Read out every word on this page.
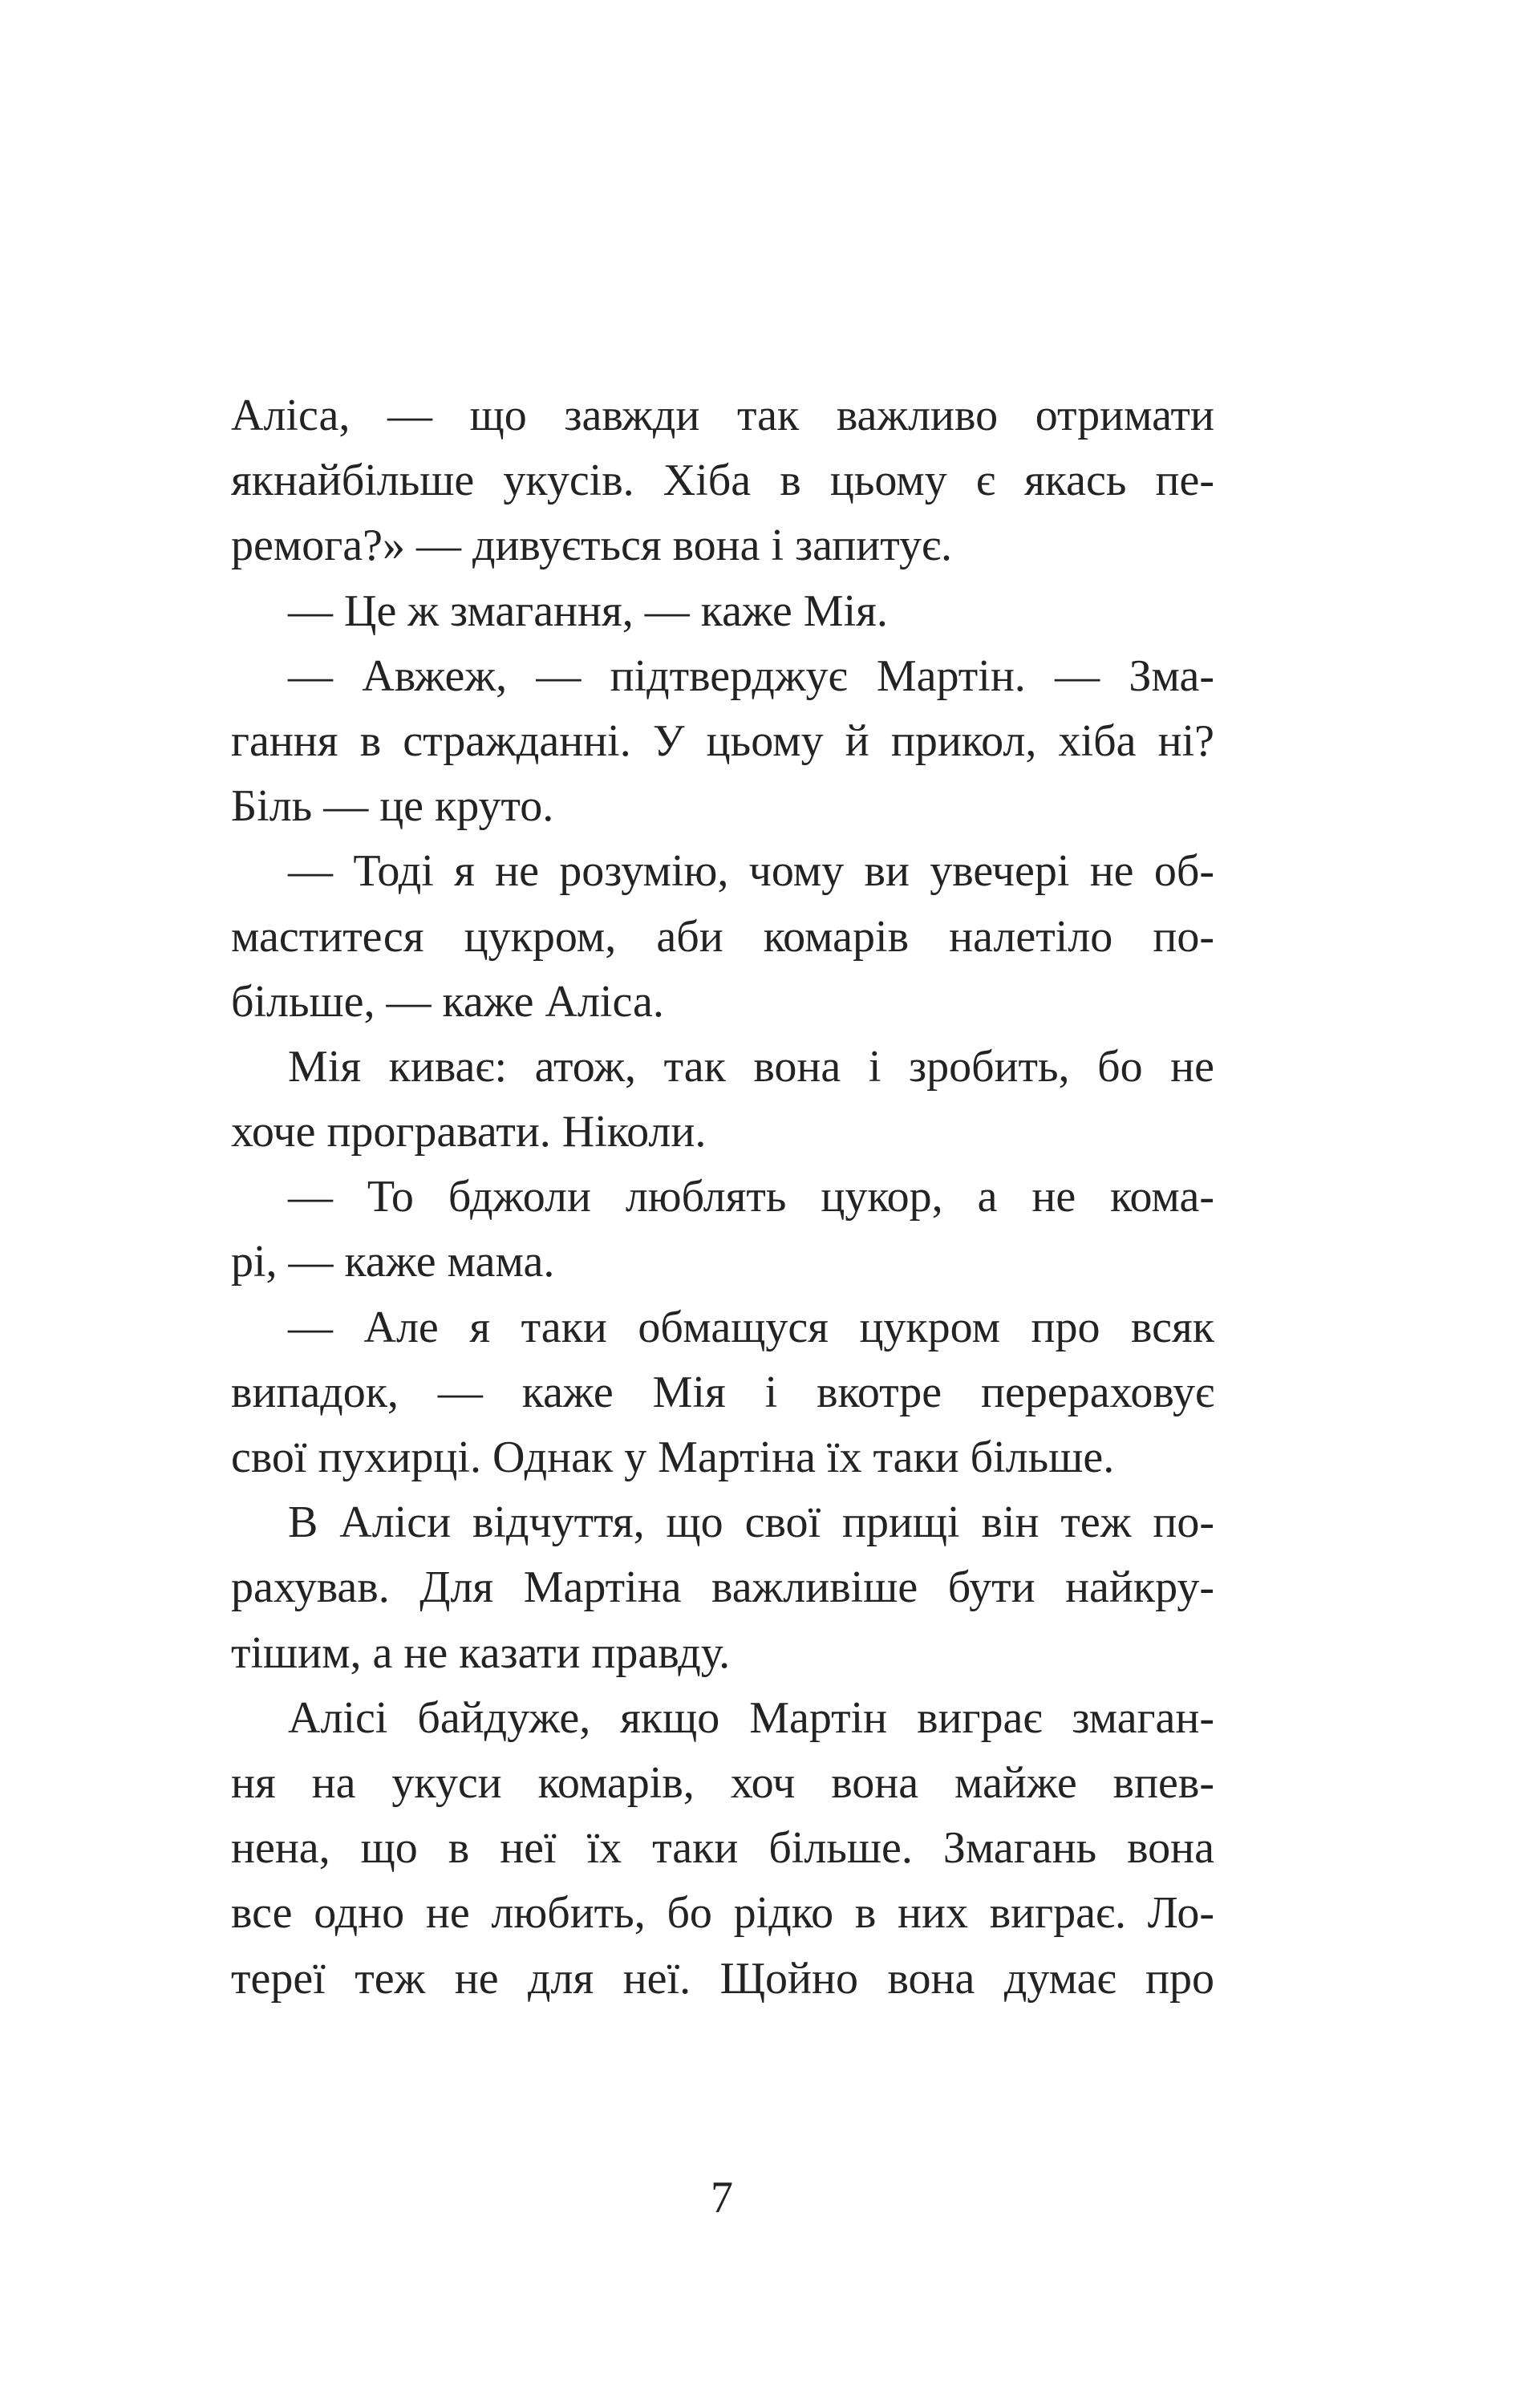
Аліса, — що завжди так важливо отримати
якнайбільше укусів. Хіба в цьому є якась пе-
ремога?» — дивується вона і запитує.
— Це ж змагання, — каже Мія.
— Авжеж, — підтверджує Мартін. — Зма-
гання в стражданні. У цьому й прикол, хіба ні?
Біль — це круто.
— Тоді я не розумію, чому ви увечері не об-
маститеся цукром, аби комарів налетіло по-
більше, — каже Аліса.
Мія киває: атож, так вона і зробить, бо не
хоче програвати. Ніколи.
— То бджоли люблять цукор, а не кома-
рі, — каже мама.
— Але я таки обмащуся цукром про всяк
випадок, — каже Мія і вкотре перераховує
свої пухирці. Однак у Мартіна їх таки більше.
В Аліси відчуття, що свої прищі він теж по-
рахував. Для Мартіна важливіше бути найкру-
тішим, а не казати правду.
Алісі байдуже, якщо Мартін виграє змаган-
ня на укуси комарів, хоч вона майже впев-
нена, що в неї їх таки більше. Змагань вона
все одно не любить, бо рідко в них виграє. Ло-
тереї теж не для неї. Щойно вона думає про
7
